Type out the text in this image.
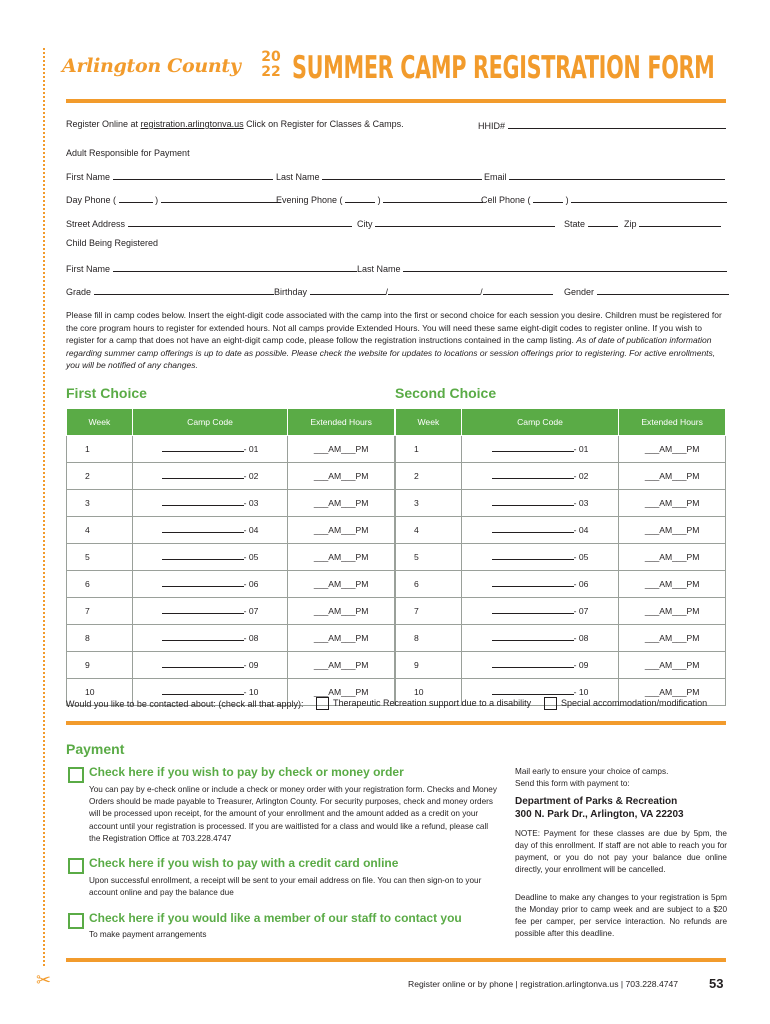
✂
Arlington County	20
22 SUMMER CAMP REGISTRATION FORM
Register Online at registration.arlingtonva.us Click on Register for Classes & Camps.	HHID#
Adult Responsible for Payment
First Name	Last Name	Email
Day Phone (	)	Evening Phone (	)	Cell Phone (	)
Street Address	City	State	Zip
Child Being Registered
First Name	Last Name
Grade	Birthday	/	/	Gender
Please fill in camp codes below. Insert the eight-digit code associated with the camp into the first or second choice for each session you desire. Children must be registered for the core program hours to register for extended hours. Not all camps provide Extended Hours. You will need these same eight-digit codes to register online. If you wish to register for a camp that does not have an eight-digit camp code, please follow the registration instructions contained in the camp listing. As of date of publication information regarding summer camp offerings is up to date as possible. Please check the website for updates to locations or session offerings prior to registering. For active enrollments, you will be notified of any changes.
First Choice	Second Choice
Week	Camp Code	Extended Hours
1	- 01	___AM___PM
2	- 02	___AM___PM
3	- 03	___AM___PM
4	- 04	___AM___PM
5	- 05	___AM___PM
6	- 06	___AM___PM
7	- 07	___AM___PM
8	- 08	___AM___PM
9	- 09	___AM___PM
10	- 10	___AM___PM
Week	Camp Code	Extended Hours
1	- 01	___AM___PM
2	- 02	___AM___PM
3	- 03	___AM___PM
4	- 04	___AM___PM
5	- 05	___AM___PM
6	- 06	___AM___PM
7	- 07	___AM___PM
8	- 08	___AM___PM
9	- 09	___AM___PM
10	- 10	___AM___PM
Would you like to be contacted about: (check all that apply):	Therapeutic Recreation support due to a disability	Special accommodation/modification
Payment
Check here if you wish to pay by check or money order
You can pay by e-check online or include a check or money order with your registration form. Checks and Money Orders should be made payable to Treasurer, Arlington County. For security purposes, check and money orders will be processed upon receipt, for the amount of your enrollment and the amount added as a credit on your account until your registration is processed. If you are waitlisted for a class and would like a refund, please call the Registration Office at 703.228.4747
Check here if you wish to pay with a credit card online
Upon successful enrollment, a receipt will be sent to your email address on file. You can then sign-on to your account online and pay the balance due
Check here if you would like a member of our staff to contact you
To make payment arrangements
Mail early to ensure your choice of camps.
Send this form with payment to:
Department of Parks & Recreation
300 N. Park Dr., Arlington, VA 22203
NOTE: Payment for these classes are due by 5pm, the day of this enrollment. If staff are not able to reach you for payment, or you do not pay your balance due online directly, your enrollment will be cancelled.
Deadline to make any changes to your registration is 5pm the Monday prior to camp week and are subject to a $20 fee per camper, per service interaction. No refunds are possible after this deadline.
Register online or by phone | registration.arlingtonva.us | 703.228.4747 53
